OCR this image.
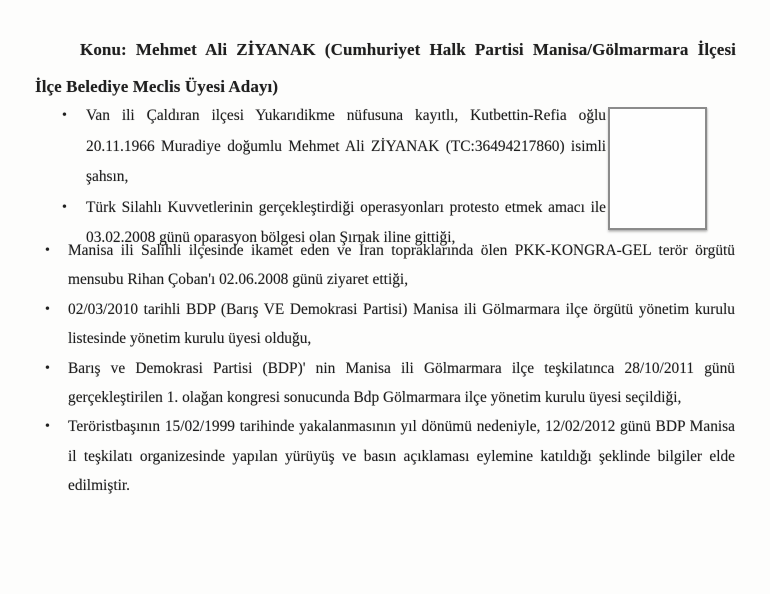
Konu: Mehmet Ali ZİYANAK (Cumhuriyet Halk Partisi Manisa/Gölmarmara İlçesi
İlçe Belediye Meclis Üyesi Adayı)
• Van ili Çaldıran ilçesi Yukarıdikme nüfusuna kayıtlı, Kutbettin-Refia oğlu 20.11.1966 Muradiye doğumlu Mehmet Ali ZİYANAK (TC:36494217860) isimli şahsın,
• Türk Silahlı Kuvvetlerinin gerçekleştirdiği operasyonları protesto etmek amacı ile 03.02.2008 günü oparasyon bölgesi olan Şırnak iline gittiği,
• Manisa ili Salihli ilçesinde ikamet eden ve İran topraklarında ölen PKK-KONGRA-GEL terör örgütü mensubu Rihan Çoban'ı 02.06.2008 günü ziyaret ettiği,
• 02/03/2010 tarihli BDP (Barış VE Demokrasi Partisi) Manisa ili Gölmarmara ilçe örgütü yönetim kurulu listesinde yönetim kurulu üyesi olduğu,
• Barış ve Demokrasi Partisi (BDP)' nin Manisa ili Gölmarmara ilçe teşkilatınca 28/10/2011 günü gerçekleştirilen 1. olağan kongresi sonucunda Bdp Gölmarmara ilçe yönetim kurulu üyesi seçildiği,
• Teröristbaşının 15/02/1999 tarihinde yakalanmasının yıl dönümü nedeniyle, 12/02/2012 günü BDP Manisa il teşkilatı organizesinde yapılan yürüyüş ve basın açıklaması eylemine katıldığı şeklinde bilgiler elde edilmiştir.
